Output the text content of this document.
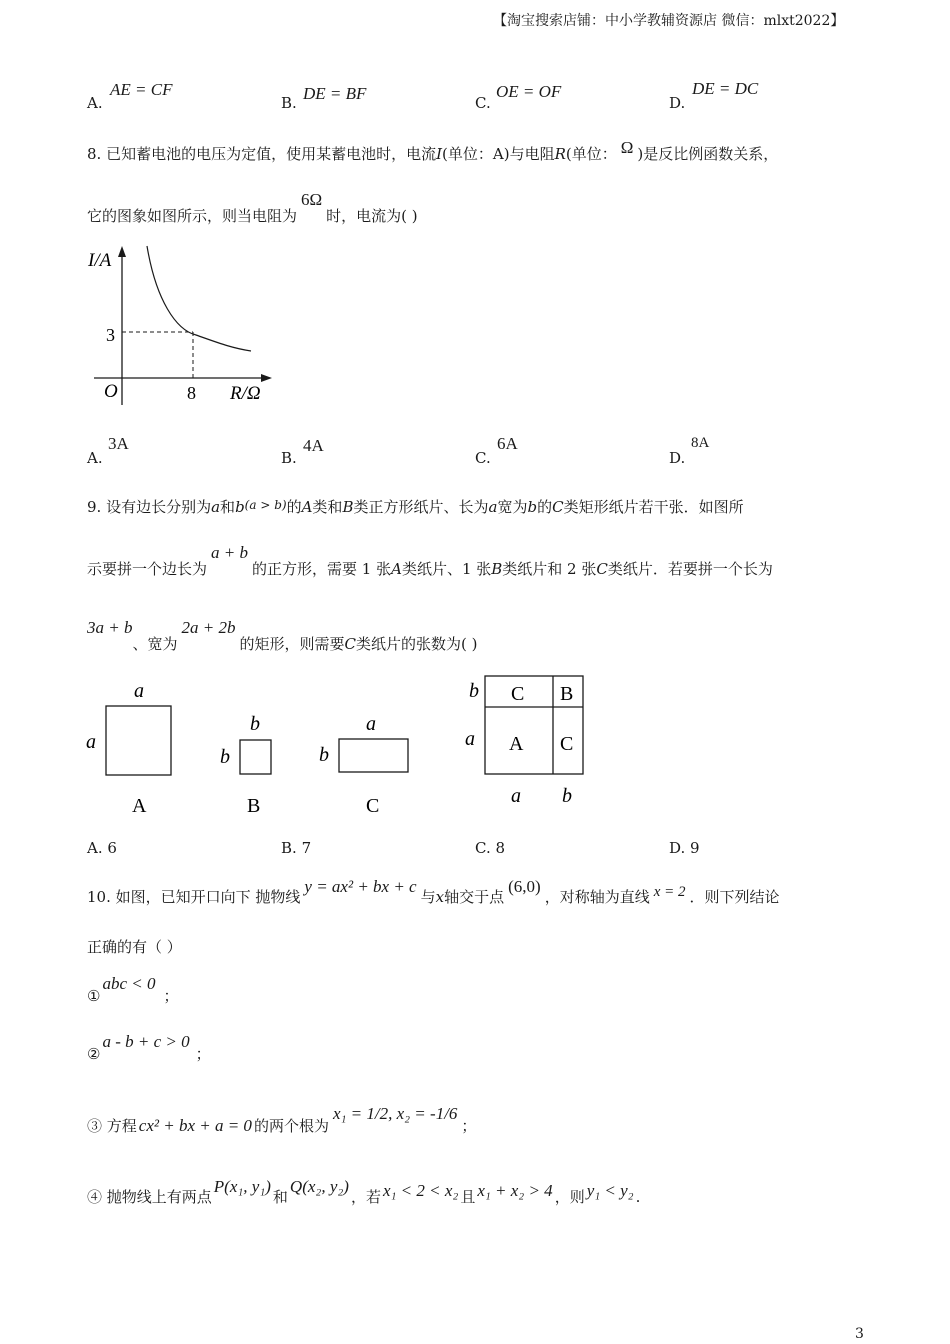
【淘宝搜索店铺：中小学教辅资源店 微信：mlxt2022】
A.
AE = CF
B. DE = BF	C.
OE = OF
D.
DE = DC
8. 已知蓄电池的电压为定值，使用某蓄电池时，电流I(单位：A)与电阻R(单位： Ω )是反比例函数关系，
它的图象如图所示，则当电阻为6Ω时，电流为( )
I/A
3
O	8 R/Ω
A.
3A
B.
4A
C.
6A
D.
8A
9. 设有边长分别为a和$b^{(a > b)}$的A类和B类正方形纸片、长为a宽为b的C类矩形纸片若干张．如图所
示要拼一个边长为a + b的正方形，需要 1 张A类纸片、1 张B类纸片和 2 张C类纸片．若要拼一个长为
3a + b、宽为2a + 2b的矩形，则需要C类纸片的张数为( )
a
a
A
b
b
B
a
b
C
C B
A C
b
a
a b
A. 6	B. 7	C. 8	D. 9
10. 如图，已知开口向下 抛物线y = ax² + bx + c与x轴交于点(6,0)，对称轴为直线 x = 2 ．则下列结论
正确的有（ ）
①abc < 0；
②a - b + c > 0；
③ 方程 cx² + bx + a = 0 的两个根为x₁ = 1/2, x₂ = -1/6；
④ 抛物线上有两点P(x₁, y₁)和Q(x₂, y₂)，若 x₁ < 2 < x₂ 且 x₁ + x₂ > 4 ，则 y₁ < y₂ .
3
